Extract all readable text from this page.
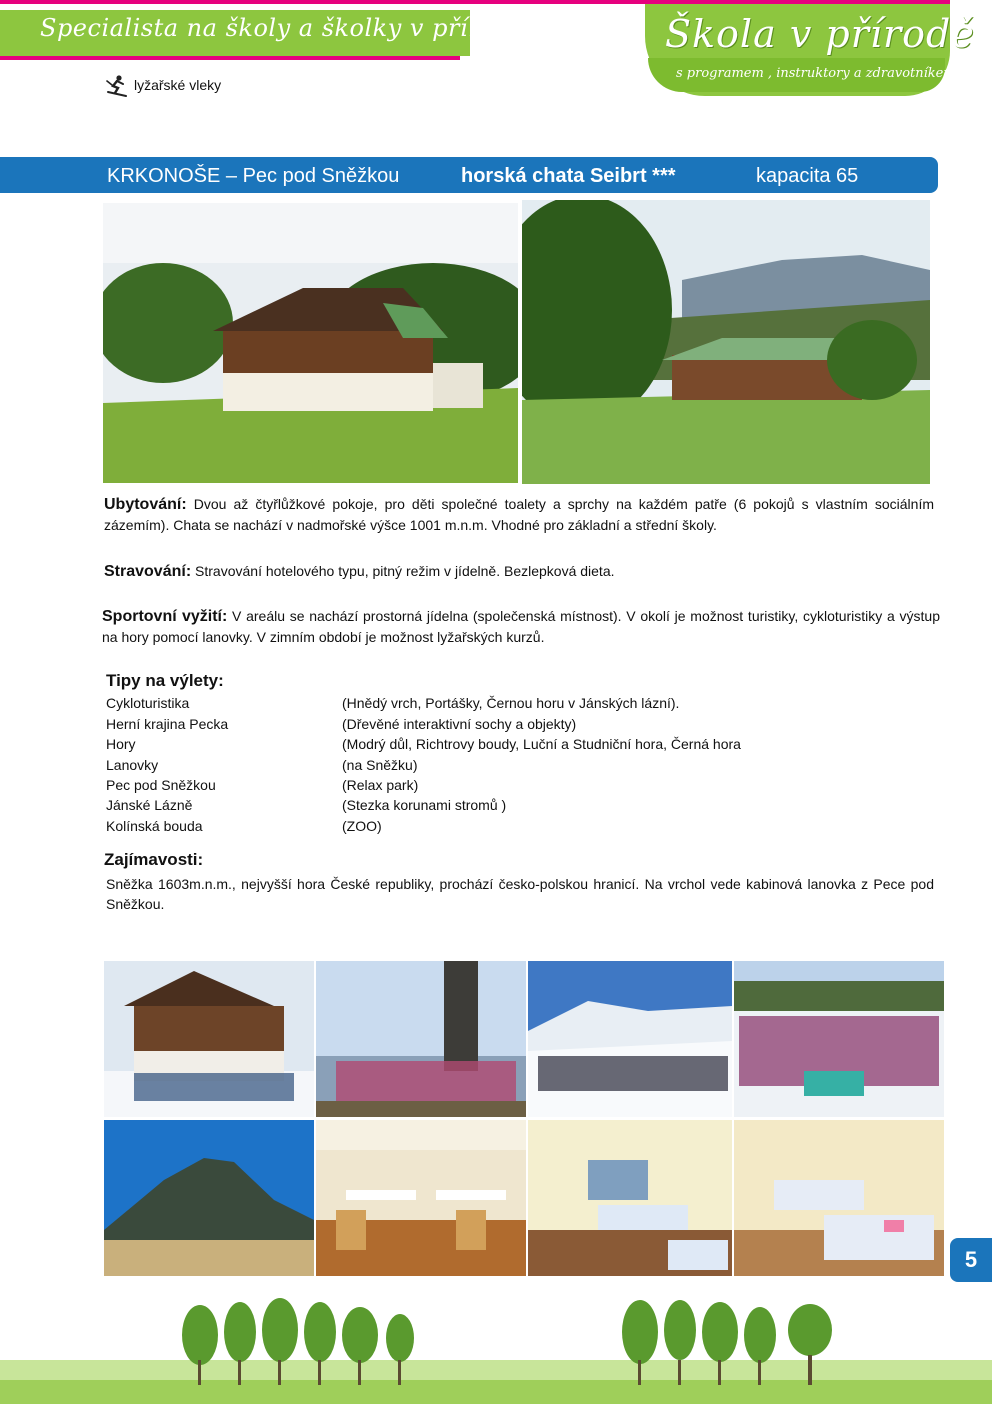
Specialista na školy a školky v přírodě	Škola v přírodě
s programem , instruktory a zdravotníkem
lyžařské vleky
KRKONOŠE – Pec pod Sněžkou	horská chata Seibrt ***	kapacita 65
Ubytování: Dvou až čtyřlůžkové pokoje, pro děti společné toalety a sprchy na každém patře (6 pokojů s vlastním sociálním zázemím). Chata se nachází v nadmořské výšce 1001 m.n.m. Vhodné pro základní a střední školy.
Stravování: Stravování hotelového typu, pitný režim v jídelně. Bezlepková dieta.
Sportovní vyžití: V areálu se nachází prostorná jídelna (společenská místnost). V okolí je možnost turistiky, cykloturistiky a výstup na hory pomocí lanovky. V zimním období je možnost lyžařských kurzů.
Tipy na výlety:
Cykloturistika	(Hnědý vrch, Portášky, Černou horu v Jánských lázní).
Herní krajina Pecka	(Dřevěné interaktivní sochy a objekty)
Hory	(Modrý důl, Richtrovy boudy, Luční a Studniční hora, Černá hora
Lanovky	(na Sněžku)
Pec pod Sněžkou	(Relax park)
Jánské Lázně	(Stezka korunami stromů )
Kolínská bouda	(ZOO)
Zajímavosti:
Sněžka 1603m.n.m., nejvyšší hora České republiky, prochází česko-polskou hranicí. Na vrchol vede kabinová lanovka z Pece pod Sněžkou.
5
